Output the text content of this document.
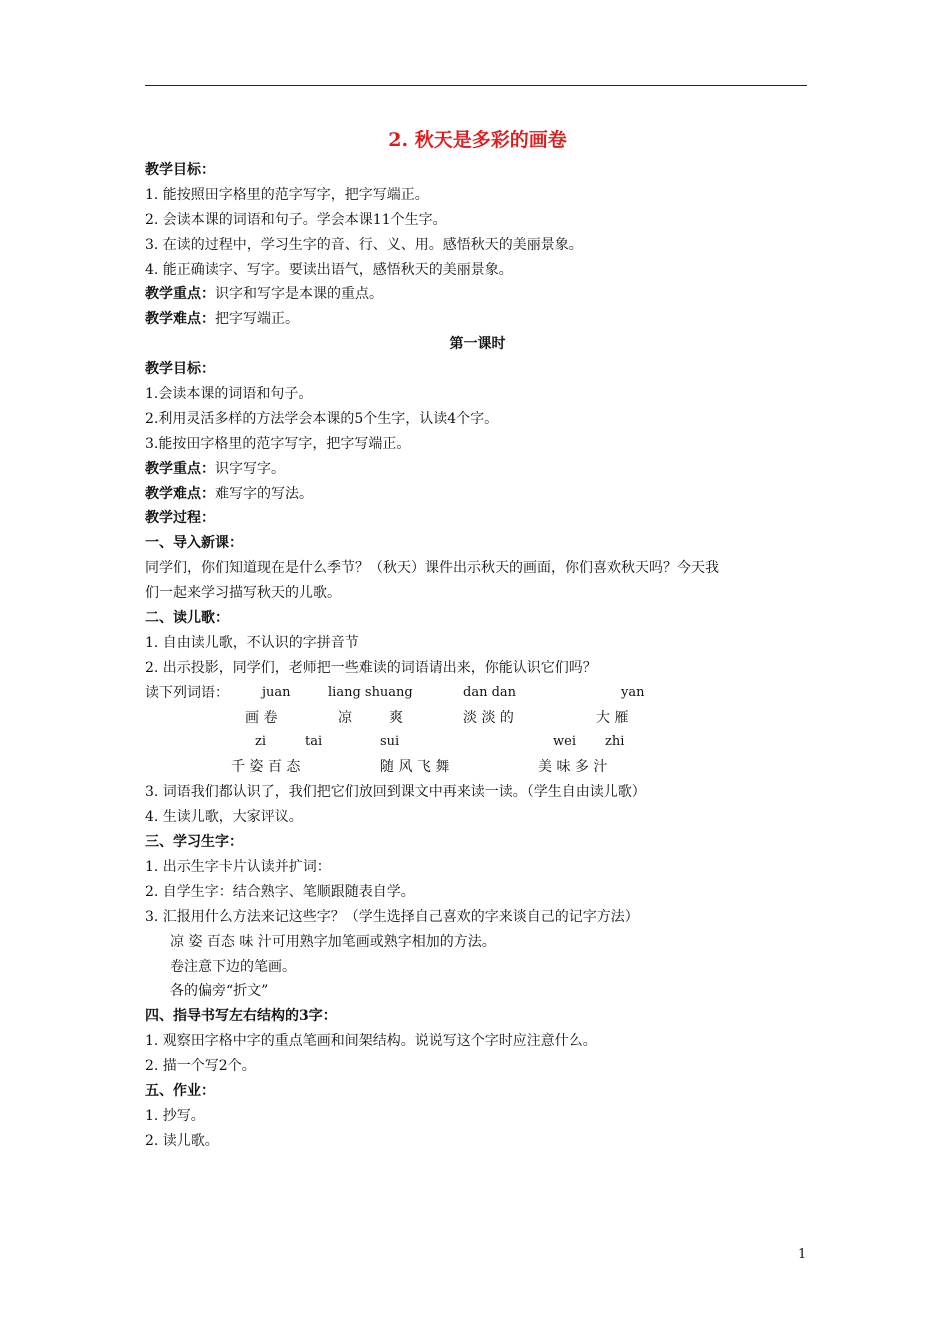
2. 秋天是多彩的画卷
教学目标：
1. 能按照田字格里的范字写字，把字写端正。
2. 会读本课的词语和句子。学会本课11个生字。
3. 在读的过程中，学习生字的音、行、义、用。感悟秋天的美丽景象。
4. 能正确读字、写字。要读出语气，感悟秋天的美丽景象。
教学重点：识字和写字是本课的重点。
教学难点：把字写端正。
第一课时
教学目标：
1.会读本课的词语和句子。
2.利用灵活多样的方法学会本课的5个生字，认读4个字。
3.能按田字格里的范字写字，把字写端正。
教学重点：识字写字。
教学难点：难写字的写法。
教学过程：
一、导入新课：
同学们，你们知道现在是什么季节？（秋天）课件出示秋天的画面，你们喜欢秋天吗？今天我
们一起来学习描写秋天的儿歌。
二、读儿歌：
1. 自由读儿歌，不认识的字拼音节
2. 出示投影，同学们，老师把一些难读的词语请出来，你能认识它们吗？
读下列词语：	juan	liang shuang	dan dan	yan
画 卷	凉	爽	淡 淡 的	大 雁
zi	tai	sui	wei zhi
千 姿 百 态	随 风 飞 舞	美 味 多 汁
3. 词语我们都认识了，我们把它们放回到课文中再来读一读。（学生自由读儿歌）
4. 生读儿歌，大家评议。
三、学习生字：
1. 出示生字卡片认读并扩词：
2. 自学生字：结合熟字、笔顺跟随表自学。
3. 汇报用什么方法来记这些字？（学生选择自己喜欢的字来谈自己的记字方法）
凉 姿 百态 味 汁可用熟字加笔画或熟字相加的方法。
卷注意下边的笔画。
各的偏旁“折文”
四、指导书写左右结构的3字：
1. 观察田字格中字的重点笔画和间架结构。说说写这个字时应注意什么。
2. 描一个写2个。
五、作业：
1. 抄写。
2. 读儿歌。
1
